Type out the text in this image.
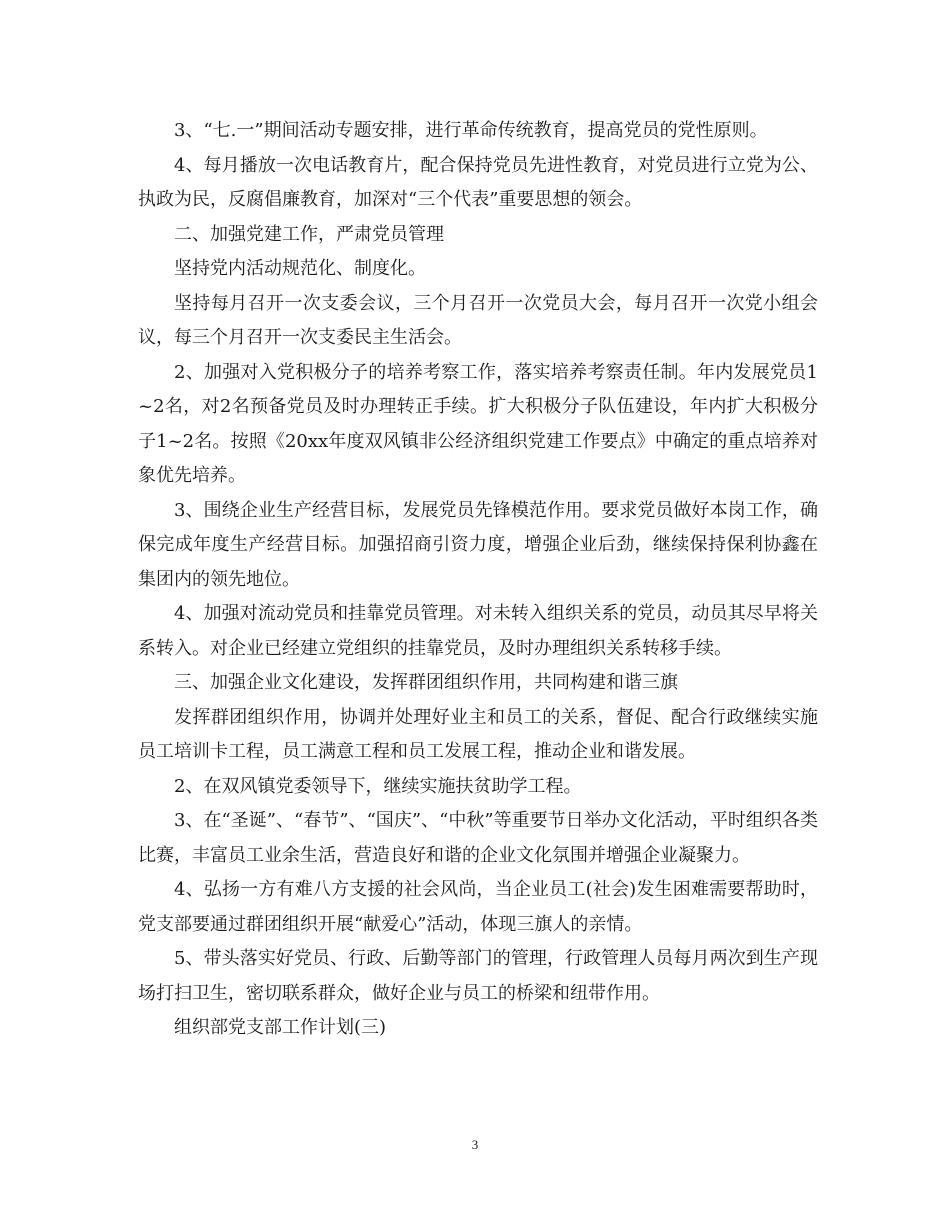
3、“七.一”期间活动专题安排，进行革命传统教育，提高党员的党性原则。

4、每月播放一次电话教育片，配合保持党员先进性教育，对党员进行立党为公、执政为民，反腐倡廉教育，加深对“三个代表”重要思想的领会。

二、加强党建工作，严肃党员管理

坚持党内活动规范化、制度化。

坚持每月召开一次支委会议，三个月召开一次党员大会，每月召开一次党小组会议，每三个月召开一次支委民主生活会。

2、加强对入党积极分子的培养考察工作，落实培养考察责任制。年内发展党员1~2名，对2名预备党员及时办理转正手续。扩大积极分子队伍建设，年内扩大积极分子1~2名。按照《20xx年度双风镇非公经济组织党建工作要点》中确定的重点培养对象优先培养。

3、围绕企业生产经营目标，发展党员先锋模范作用。要求党员做好本岗工作，确保完成年度生产经营目标。加强招商引资力度，增强企业后劲，继续保持保利协鑫在集团内的领先地位。

4、加强对流动党员和挂靠党员管理。对未转入组织关系的党员，动员其尽早将关系转入。对企业已经建立党组织的挂靠党员，及时办理组织关系转移手续。

三、加强企业文化建设，发挥群团组织作用，共同构建和谐三旗

发挥群团组织作用，协调并处理好业主和员工的关系，督促、配合行政继续实施员工培训卡工程，员工满意工程和员工发展工程，推动企业和谐发展。

2、在双风镇党委领导下，继续实施扶贫助学工程。

3、在“圣诞”、“春节”、“国庆”、“中秋”等重要节日举办文化活动，平时组织各类比赛，丰富员工业余生活，营造良好和谐的企业文化氛围并增强企业凝聚力。

4、弘扬一方有难八方支援的社会风尚，当企业员工(社会)发生困难需要帮助时，党支部要通过群团组织开展“献爱心”活动，体现三旗人的亲情。

5、带头落实好党员、行政、后勤等部门的管理，行政管理人员每月两次到生产现场打扫卫生，密切联系群众，做好企业与员工的桥梁和纽带作用。

组织部党支部工作计划(三)

3
